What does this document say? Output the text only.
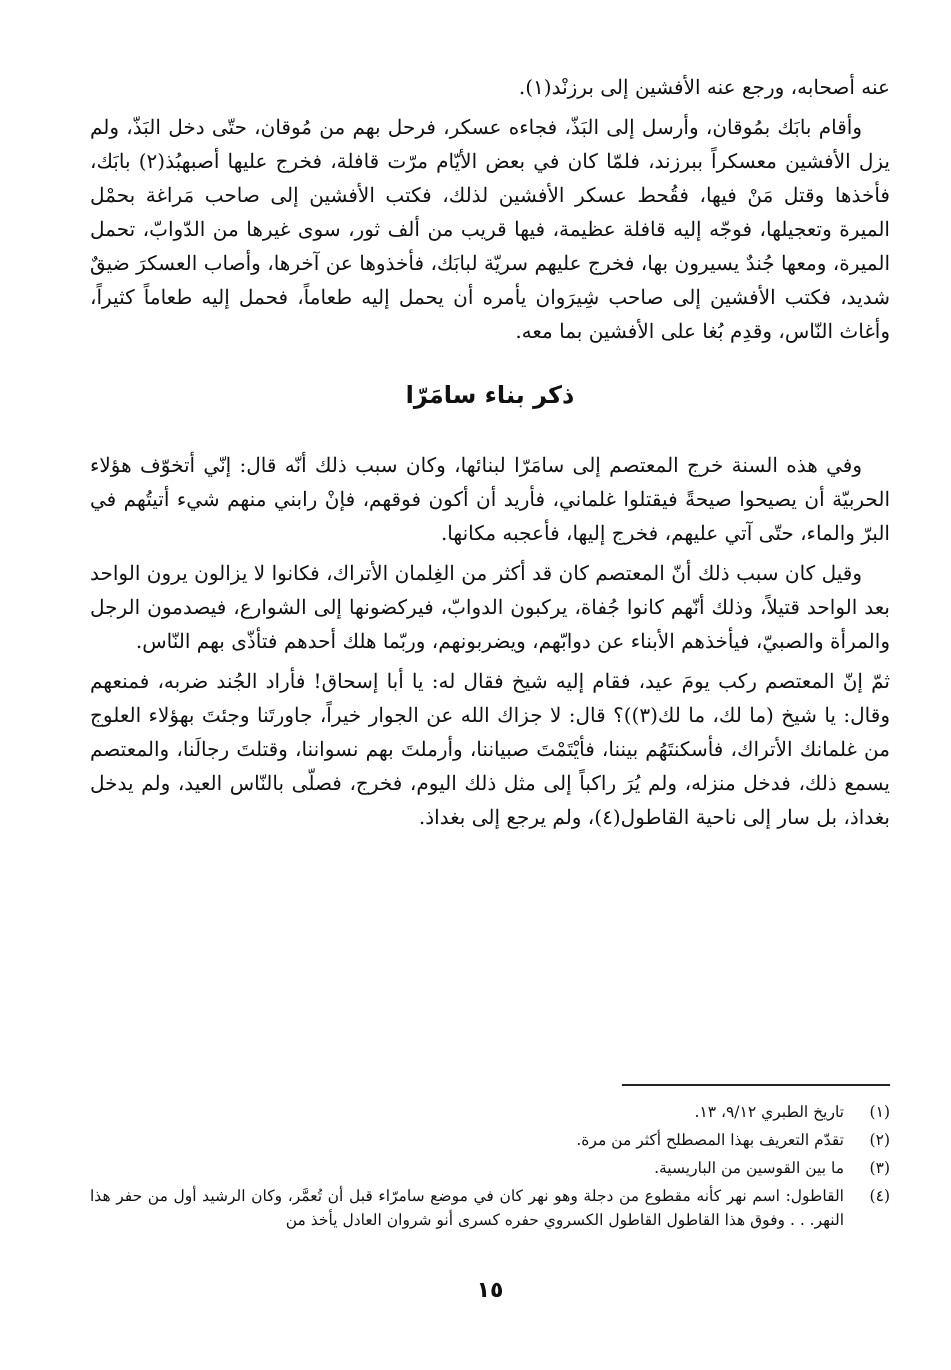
عنه أصحابه، ورجع عنه الأفشين إلى برزنْد(١).

وأقام بابَك بمُوقان، وأرسل إلى البَذّ، فجاءه عسكر، فرحل بهم من مُوقان، حتّى دخل البَذّ، ولم يزل الأفشين معسكراً ببرزند، فلمّا كان في بعض الأيّام مرّت قافلة، فخرج عليها أصبهبُذ(٢) بابَك، فأخذها وقتل مَنْ فيها، فقُحط عسكر الأفشين لذلك، فكتب الأفشين إلى صاحب مَراغة بحمْل الميرة وتعجيلها، فوجّه إليه قافلة عظيمة، فيها قريب من ألف ثور، سوى غيرها من الدّوابّ، تحمل الميرة، ومعها جُندٌ يسيرون بها، فخرج عليهم سريّة لبابَك، فأخذوها عن آخرها، وأصاب العسكرَ ضيقٌ شديد، فكتب الأفشين إلى صاحب شِيرَوان يأمره أن يحمل إليه طعاماً، فحمل إليه طعاماً كثيراً، وأغاث النّاس، وقدِم بُغا على الأفشين بما معه.

ذكر بناء سامَرّا

وفي هذه السنة خرج المعتصم إلى سامَرّا لبنائها، وكان سبب ذلك أنّه قال: إنّي أتخوّف هؤلاء الحربيّة أن يصيحوا صيحةً فيقتلوا غلماني، فأريد أن أكون فوقهم، فإنْ رابني منهم شيء أتيتُهم في البرّ والماء، حتّى آتي عليهم، فخرج إليها، فأعجبه مكانها.

وقيل كان سبب ذلك أنّ المعتصم كان قد أكثر من الغِلمان الأتراك، فكانوا لا يزالون يرون الواحد بعد الواحد قتيلاً، وذلك أنّهم كانوا جُفاة، يركبون الدوابّ، فيركضونها إلى الشوارع، فيصدمون الرجل والمرأة والصبيّ، فيأخذهم الأبناء عن دوابّهم، ويضربونهم، وربّما هلك أحدهم فتأذّى بهم النّاس.

ثمّ إنّ المعتصم ركب يومَ عيد، فقام إليه شيخ فقال له: يا أبا إسحاق! فأراد الجُند ضربه، فمنعهم وقال: يا شيخ (ما لك، ما لك(٣))؟ قال: لا جزاك الله عن الجوار خيراً، جاورتَنا وجئتَ بهؤلاء العلوج من غلمانك الأتراك، فأسكنتَهُم بيننا، فأيْتَمْتَ صبياننا، وأرملتَ بهم نسواننا، وقتلتَ رجالَنا، والمعتصم يسمع ذلك، فدخل منزله، ولم يُرَ راكباً إلى مثل ذلك اليوم، فخرج، فصلّى بالنّاس العيد، ولم يدخل بغداذ، بل سار إلى ناحية القاطول(٤)، ولم يرجع إلى بغداذ.

(١)
تاريخ الطبري ٩/١٢، ١٣.
(٢)
تقدّم التعريف بهذا المصطلح أكثر من مرة.
(٣)
ما بين القوسين من الباريسية.
(٤)
القاطول: اسم نهر كأنه مقطوع من دجلة وهو نهر كان في موضع سامرّاء قبل أن تُعمَّر، وكان الرشيد أول من حفر هذا النهر. . . وفوق هذا القاطول القاطول الكسروي حفره كسرى أنو شروان العادل يأخذ من
١٥
